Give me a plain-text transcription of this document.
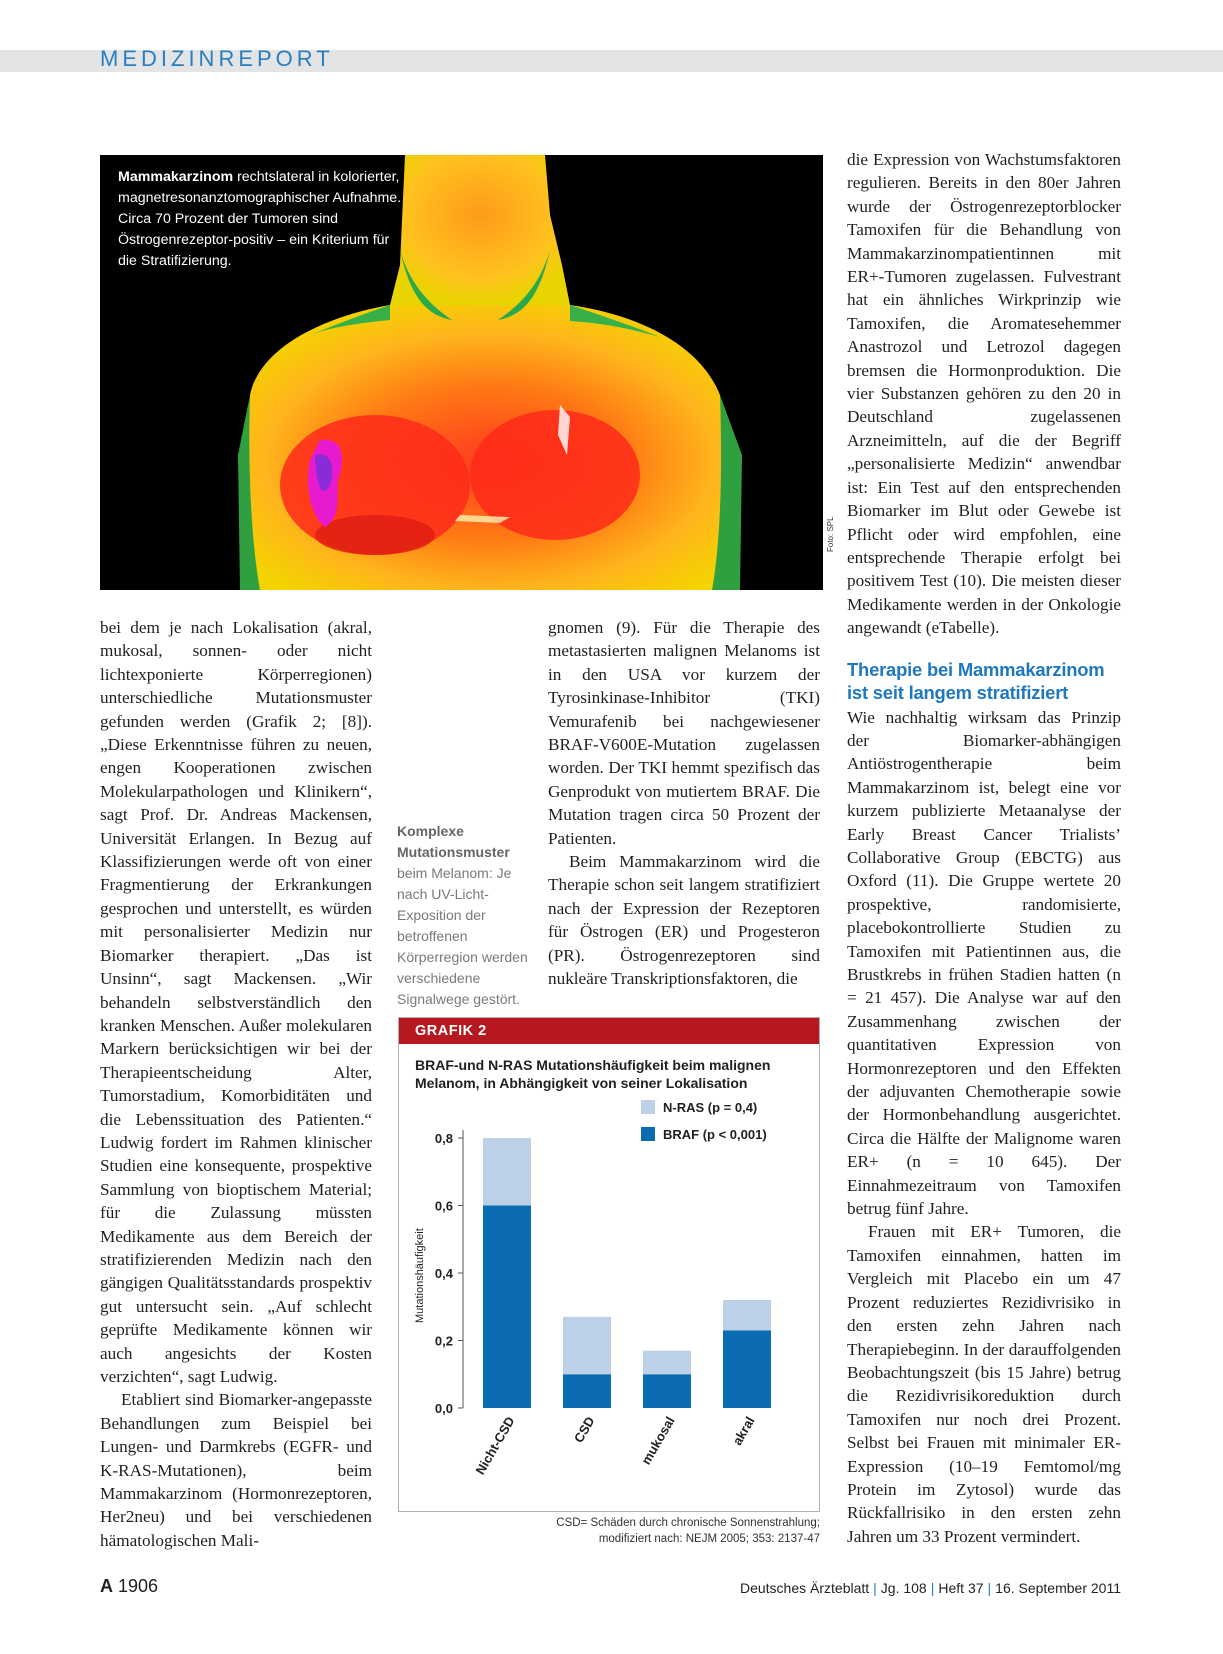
MEDIZINREPORT
Mammakarzinom rechtslateral in kolorierter, magnetresonanztomographischer Aufnahme. Circa 70 Prozent der Tumoren sind Östrogenrezeptor-positiv – ein Kriterium für die Stratifizierung.
Foto: SPL

bei dem je nach Lokalisation (akral, mukosal, sonnen- oder nicht lichtexponierte Körperregionen) unterschiedliche Mutationsmuster gefunden werden (Grafik 2; [8]). „Diese Erkenntnisse führen zu neuen, engen Kooperationen zwischen Molekularpathologen und Klinikern“, sagt Prof. Dr. Andreas Mackensen, Universität Erlangen. In Bezug auf Klassifizierungen werde oft von einer Fragmentierung der Erkrankungen gesprochen und unterstellt, es würden mit personalisierter Medizin nur Biomarker therapiert. „Das ist Unsinn“, sagt Mackensen. „Wir behandeln selbstverständlich den kranken Menschen. Außer molekularen Markern berücksichtigen wir bei der Therapieentscheidung Alter, Tumorstadium, Komorbiditäten und die Lebenssituation des Patienten.“ Ludwig fordert im Rahmen klinischer Studien eine konsequente, prospektive Sammlung von bioptischem Material; für die Zulassung müssten Medikamente aus dem Bereich der stratifizierenden Medizin nach den gängigen Qualitätsstandards prospektiv gut untersucht sein. „Auf schlecht geprüfte Medikamente können wir auch angesichts der Kosten verzichten“, sagt Ludwig.

Etabliert sind Biomarker-angepasste Behandlungen zum Beispiel bei Lungen- und Darmkrebs (EGFR- und K-RAS-Mutationen), beim Mammakarzinom (Hormonrezeptoren, Her2neu) und bei verschiedenen hämatologischen Mali-

Komplexe Mutationsmuster beim Melanom: Je nach UV-Licht-Exposition der betroffenen Körperregion werden verschiedene Signalwege gestört.

gnomen (9). Für die Therapie des metastasierten malignen Melanoms ist in den USA vor kurzem der Tyrosinkinase-Inhibitor (TKI) Vemurafenib bei nachgewiesener BRAF-V600E-Mutation zugelassen worden. Der TKI hemmt spezifisch das Genprodukt von mutiertem BRAF. Die Mutation tragen circa 50 Prozent der Patienten.

Beim Mammakarzinom wird die Therapie schon seit langem stratifiziert nach der Expression der Rezeptoren für Östrogen (ER) und Progesteron (PR). Östrogenrezeptoren sind nukleäre Transkriptionsfaktoren, die

die Expression von Wachstumsfaktoren regulieren. Bereits in den 80er Jahren wurde der Östrogenrezeptorblocker Tamoxifen für die Behandlung von Mammakarzinompatientinnen mit ER+-Tumoren zugelassen. Fulvestrant hat ein ähnliches Wirkprinzip wie Tamoxifen, die Aromatesehemmer Anastrozol und Letrozol dagegen bremsen die Hormonproduktion. Die vier Substanzen gehören zu den 20 in Deutschland zugelassenen Arzneimitteln, auf die der Begriff „personalisierte Medizin“ anwendbar ist: Ein Test auf den entsprechenden Biomarker im Blut oder Gewebe ist Pflicht oder wird empfohlen, eine entsprechende Therapie erfolgt bei positivem Test (10). Die meisten dieser Medikamente werden in der Onkologie angewandt (eTabelle).

Therapie bei Mammakarzinom ist seit langem stratifiziert

Wie nachhaltig wirksam das Prinzip der Biomarker-abhängigen Antiöstrogentherapie beim Mammakarzinom ist, belegt eine vor kurzem publizierte Metaanalyse der Early Breast Cancer Trialists’ Collaborative Group (EBCTG) aus Oxford (11). Die Gruppe wertete 20 prospektive, randomisierte, placebokontrollierte Studien zu Tamoxifen mit Patientinnen aus, die Brustkrebs in frühen Stadien hatten (n = 21 457). Die Analyse war auf den Zusammenhang zwischen der quantitativen Expression von Hormonrezeptoren und den Effekten der adjuvanten Chemotherapie sowie der Hormonbehandlung ausgerichtet. Circa die Hälfte der Malignome waren ER+ (n = 10 645). Der Einnahmezeitraum von Tamoxifen betrug fünf Jahre.

Frauen mit ER+ Tumoren, die Tamoxifen einnahmen, hatten im Vergleich mit Placebo ein um 47 Prozent reduziertes Rezidivrisiko in den ersten zehn Jahren nach Therapiebeginn. In der darauffolgenden Beobachtungszeit (bis 15 Jahre) betrug die Rezidivrisikoreduktion durch Tamoxifen nur noch drei Prozent. Selbst bei Frauen mit minimaler ER-Expression (10–19 Femtomol/mg Protein im Zytosol) wurde das Rückfallrisiko in den ersten zehn Jahren um 33 Prozent vermindert.

GRAFIK 2
BRAF-und N-RAS Mutationshäufigkeit beim malignen Melanom, in Abhängigkeit von seiner Lokalisation
0,0
0,2
0,4
0,6
0,8
Mutationshäufigkeit
Nicht-CSD	CSD	mukosal	akral
N-RAS (p = 0,4)
BRAF (p < 0,001)
CSD= Schäden durch chronische Sonnenstrahlung;
modifiziert nach: NEJM 2005; 353: 2137-47
A 1906	Deutsches Ärzteblatt | Jg. 108 | Heft 37 | 16. September 2011
